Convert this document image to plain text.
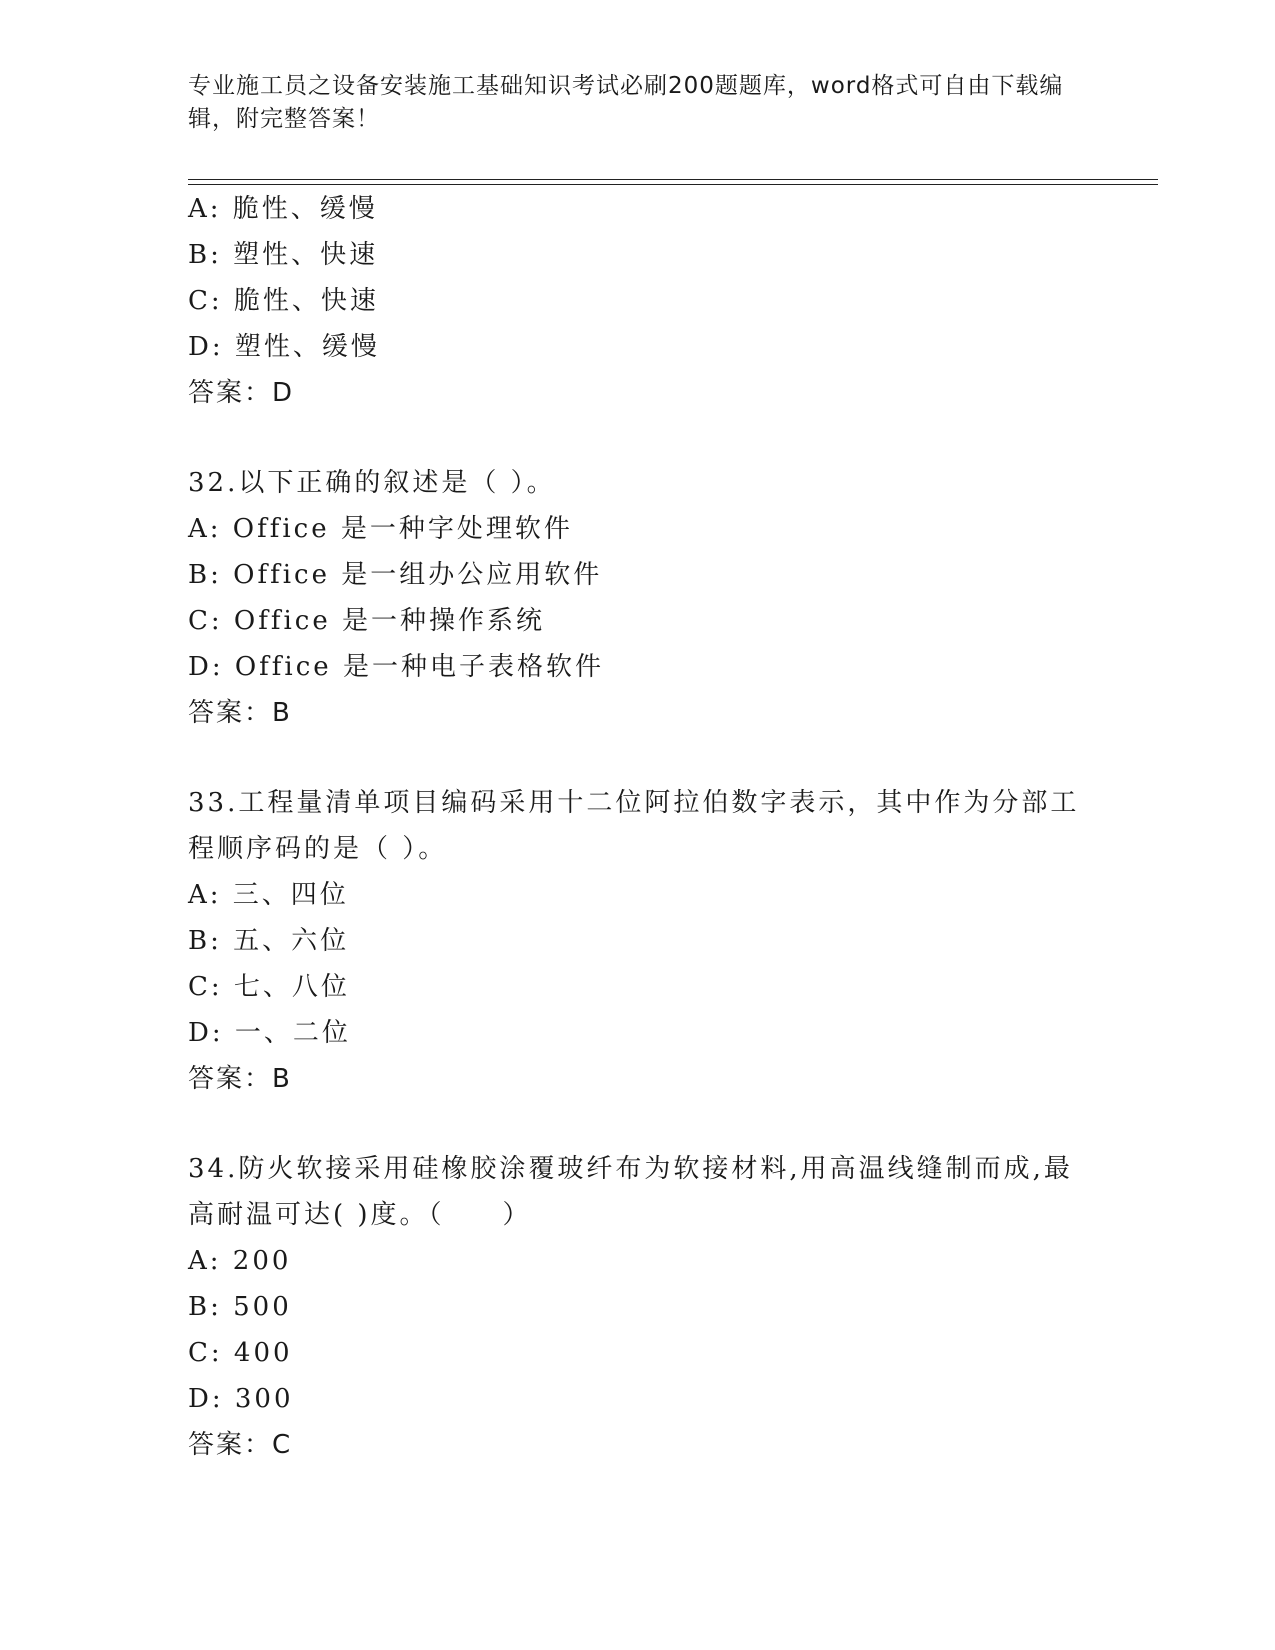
专业施工员之设备安装施工基础知识考试必刷200题题库，word格式可自由下载编辑，附完整答案！
A: 脆性、缓慢
B: 塑性、快速
C: 脆性、快速
D: 塑性、缓慢
答案：D
32.以下正确的叙述是（ ）。
A: Office 是一种字处理软件
B: Office 是一组办公应用软件
C: Office 是一种操作系统
D: Office 是一种电子表格软件
答案：B
33.工程量清单项目编码采用十二位阿拉伯数字表示，其中作为分部工程顺序码的是（ ）。
A: 三、四位
B: 五、六位
C: 七、八位
D: 一、二位
答案：B
34.防火软接采用硅橡胶涂覆玻纤布为软接材料,用高温线缝制而成,最高耐温可达( )度。（　　）
A: 200
B: 500
C: 400
D: 300
答案：C
